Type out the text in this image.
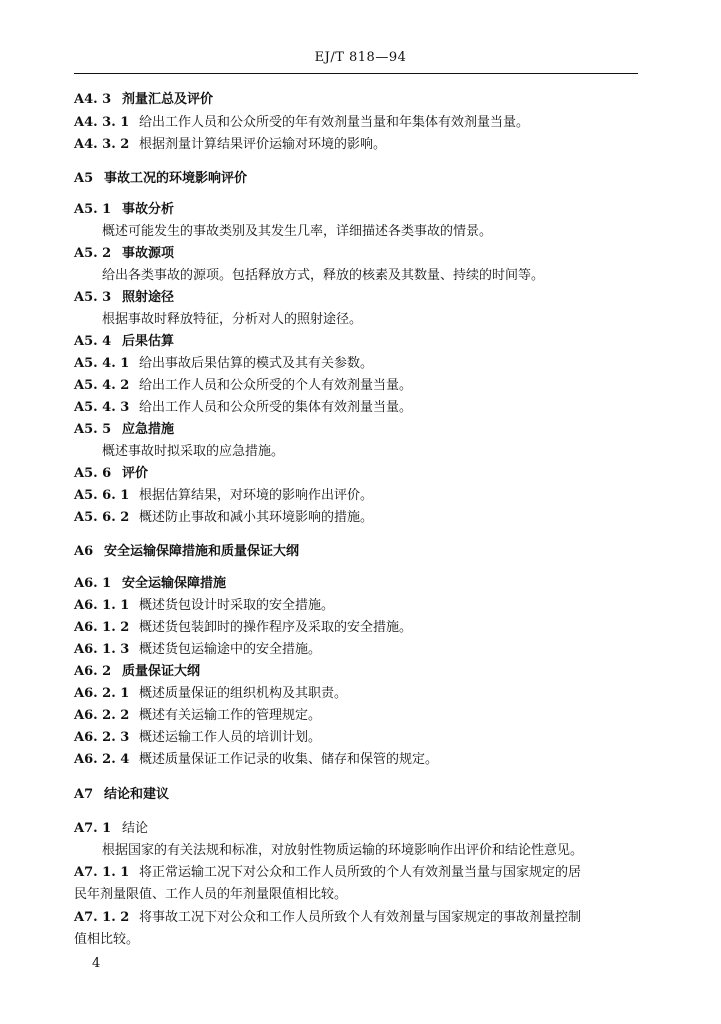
EJ/T 818—94
A4. 3 剂量汇总及评价
A4. 3. 1 给出工作人员和公众所受的年有效剂量当量和年集体有效剂量当量。
A4. 3. 2 根据剂量计算结果评价运输对环境的影响。
A5 事故工况的环境影响评价
A5. 1 事故分析
概述可能发生的事故类别及其发生几率，详细描述各类事故的情景。
A5. 2 事故源项
给出各类事故的源项。包括释放方式，释放的核素及其数量、持续的时间等。
A5. 3 照射途径
根据事故时释放特征，分析对人的照射途径。
A5. 4 后果估算
A5. 4. 1 给出事故后果估算的模式及其有关参数。
A5. 4. 2 给出工作人员和公众所受的个人有效剂量当量。
A5. 4. 3 给出工作人员和公众所受的集体有效剂量当量。
A5. 5 应急措施
概述事故时拟采取的应急措施。
A5. 6 评价
A5. 6. 1 根据估算结果，对环境的影响作出评价。
A5. 6. 2 概述防止事故和减小其环境影响的措施。
A6 安全运输保障措施和质量保证大纲
A6. 1 安全运输保障措施
A6. 1. 1 概述货包设计时采取的安全措施。
A6. 1. 2 概述货包装卸时的操作程序及采取的安全措施。
A6. 1. 3 概述货包运输途中的安全措施。
A6. 2 质量保证大纲
A6. 2. 1 概述质量保证的组织机构及其职责。
A6. 2. 2 概述有关运输工作的管理规定。
A6. 2. 3 概述运输工作人员的培训计划。
A6. 2. 4 概述质量保证工作记录的收集、储存和保管的规定。
A7 结论和建议
A7. 1 结论
根据国家的有关法规和标准，对放射性物质运输的环境影响作出评价和结论性意见。
A7. 1. 1 将正常运输工况下对公众和工作人员所致的个人有效剂量当量与国家规定的居
民年剂量限值、工作人员的年剂量限值相比较。
A7. 1. 2 将事故工况下对公众和工作人员所致个人有效剂量与国家规定的事故剂量控制
值相比较。
4
